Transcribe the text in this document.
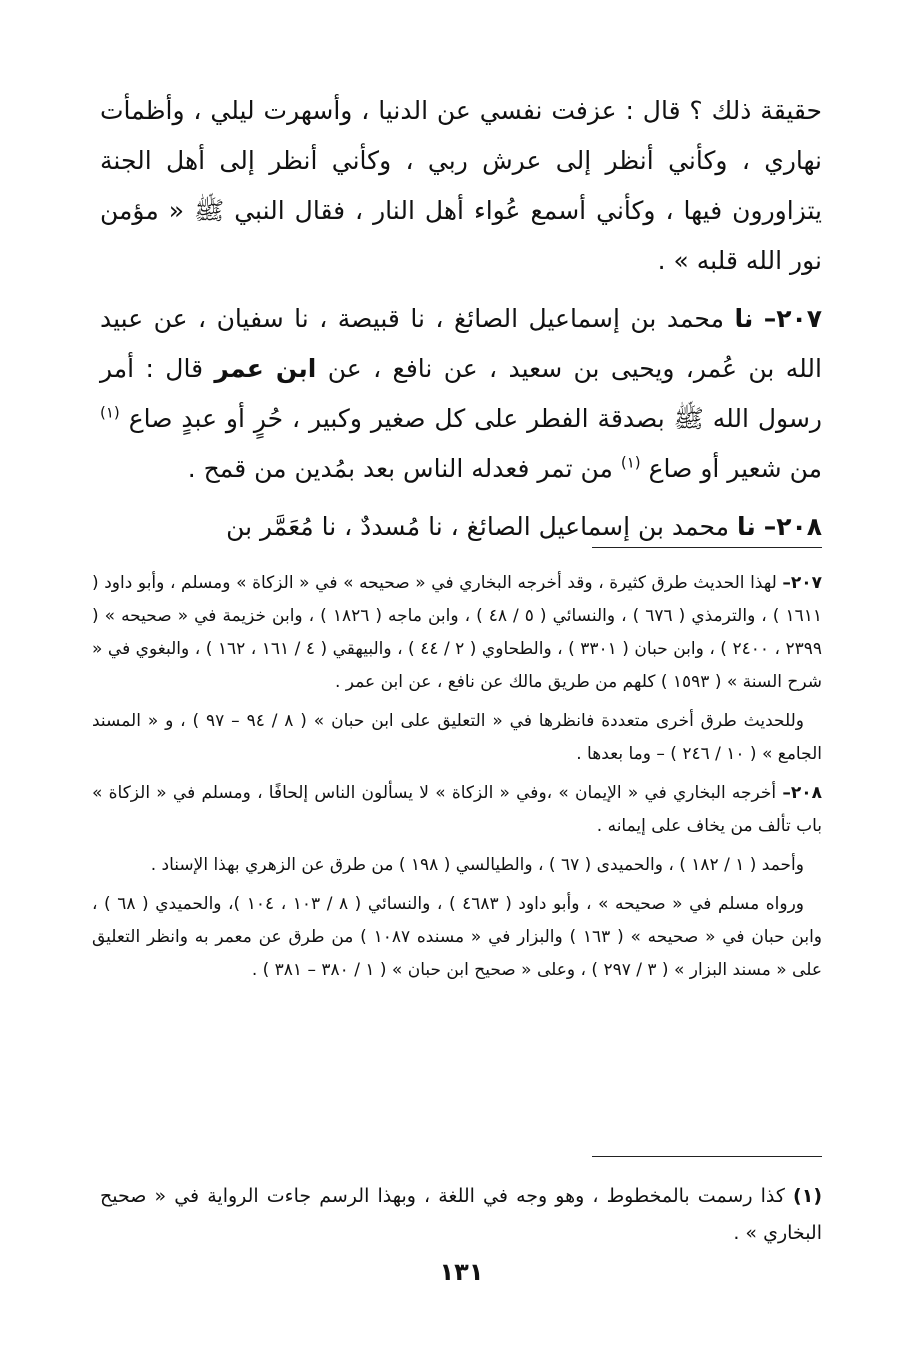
حقيقة ذلك ؟ قال : عزفت نفسي عن الدنيا ، وأسهرت ليلي ، وأظمأت نهاري ، وكأني أنظر إلى عرش ربي ، وكأني أنظر إلى أهل الجنة يتزاورون فيها ، وكأني أسمع عُواء أهل النار ، فقال النبي ﷺ « مؤمن نور الله قلبه » .

٢٠٧– نا محمد بن إسماعيل الصائغ ، نا قبيصة ، نا سفيان ، عن عبيد الله بن عُمر، ويحيى بن سعيد ، عن نافع ، عن ابن عمر قال : أمر رسول الله ﷺ بصدقة الفطر على كل صغير وكبير ، حُرٍ أو عبدٍ صاع $^{(١)}$ من شعير أو صاع $^{(١)}$ من تمر فعدله الناس بعد بمُدين من قمح .

٢٠٨– نا محمد بن إسماعيل الصائغ ، نا مُسددٌ ، نا مُعَمَّر بن

٢٠٧– لهذا الحديث طرق كثيرة ، وقد أخرجه البخاري في « صحيحه » في « الزكاة » ومسلم ، وأبو داود ( ١٦١١ ) ، والترمذي ( ٦٧٦ ) ، والنسائي ( ٥ / ٤٨ ) ، وابن ماجه ( ١٨٢٦ ) ، وابن خزيمة في « صحيحه » ( ٢٣٩٩ ، ٢٤٠٠ ) ، وابن حبان ( ٣٣٠١ ) ، والطحاوي ( ٢ / ٤٤ ) ، والبيهقي ( ٤ / ١٦١ ، ١٦٢ ) ، والبغوي في « شرح السنة » ( ١٥٩٣ ) كلهم من طريق مالك عن نافع ، عن ابن عمر .

وللحديث طرق أخرى متعددة فانظرها في « التعليق على ابن حبان » ( ٨ / ٩٤ – ٩٧ ) ، و « المسند الجامع » ( ١٠ / ٢٤٦ ) – وما بعدها .

٢٠٨– أخرجه البخاري في « الإيمان » ،وفي « الزكاة » لا يسألون الناس إلحافًا ، ومسلم في « الزكاة » باب تألف من يخاف على إيمانه .

وأحمد ( ١ / ١٨٢ ) ، والحميدى ( ٦٧ ) ، والطيالسي ( ١٩٨ ) من طرق عن الزهري بهذا الإسناد .

ورواه مسلم في « صحيحه » ، وأبو داود ( ٤٦٨٣ ) ، والنسائي ( ٨ / ١٠٣ ، ١٠٤ )، والحميدي ( ٦٨ ) ، وابن حبان في « صحيحه » ( ١٦٣ ) والبزار في « مسنده ١٠٨٧ ) من طرق عن معمر به وانظر التعليق على « مسند البزار » ( ٣ / ٢٩٧ ) ، وعلى « صحيح ابن حبان » ( ١ / ٣٨٠ – ٣٨١ ) .

(١) كذا رسمت بالمخطوط ، وهو وجه في اللغة ، وبهذا الرسم جاءت الرواية في « صحيح البخاري » .
١٣١
